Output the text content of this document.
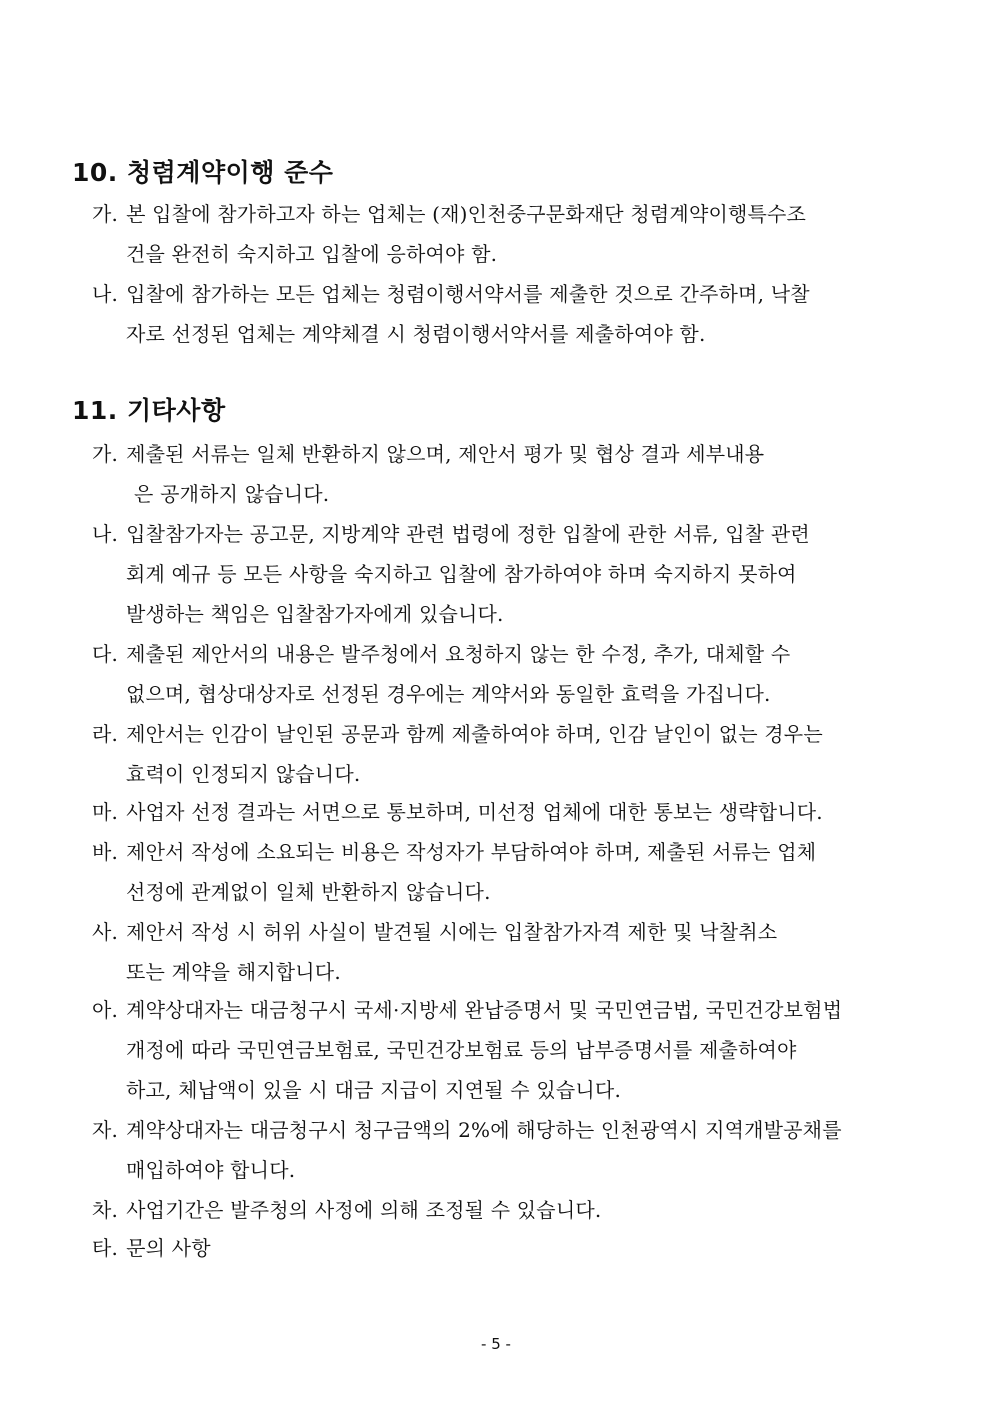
10. 청렴계약이행 준수
가. 본 입찰에 참가하고자 하는 업체는 (재)인천중구문화재단 청렴계약이행특수조
건을 완전히 숙지하고 입찰에 응하여야 함.
나. 입찰에 참가하는 모든 업체는 청렴이행서약서를 제출한 것으로 간주하며, 낙찰
자로 선정된 업체는 계약체결 시 청렴이행서약서를 제출하여야 함.
11. 기타사항
가. 제출된 서류는 일체 반환하지 않으며, 제안서 평가 및 협상 결과 세부내용
은 공개하지 않습니다.
나. 입찰참가자는 공고문, 지방계약 관련 법령에 정한 입찰에 관한 서류, 입찰 관련
회계 예규 등 모든 사항을 숙지하고 입찰에 참가하여야 하며 숙지하지 못하여
발생하는 책임은 입찰참가자에게 있습니다.
다. 제출된 제안서의 내용은 발주청에서 요청하지 않는 한 수정, 추가, 대체할 수
없으며, 협상대상자로 선정된 경우에는 계약서와 동일한 효력을 가집니다.
라. 제안서는 인감이 날인된 공문과 함께 제출하여야 하며, 인감 날인이 없는 경우는
효력이 인정되지 않습니다.
마. 사업자 선정 결과는 서면으로 통보하며, 미선정 업체에 대한 통보는 생략합니다.
바. 제안서 작성에 소요되는 비용은 작성자가 부담하여야 하며, 제출된 서류는 업체
선정에 관계없이 일체 반환하지 않습니다.
사. 제안서 작성 시 허위 사실이 발견될 시에는 입찰참가자격 제한 및 낙찰취소
또는 계약을 해지합니다.
아. 계약상대자는 대금청구시 국세·지방세 완납증명서 및 국민연금법, 국민건강보험법
개정에 따라 국민연금보험료, 국민건강보험료 등의 납부증명서를 제출하여야
하고, 체납액이 있을 시 대금 지급이 지연될 수 있습니다.
자. 계약상대자는 대금청구시 청구금액의 2%에 해당하는 인천광역시 지역개발공채를
매입하여야 합니다.
차. 사업기간은 발주청의 사정에 의해 조정될 수 있습니다.
타. 문의 사항
- 5 -
